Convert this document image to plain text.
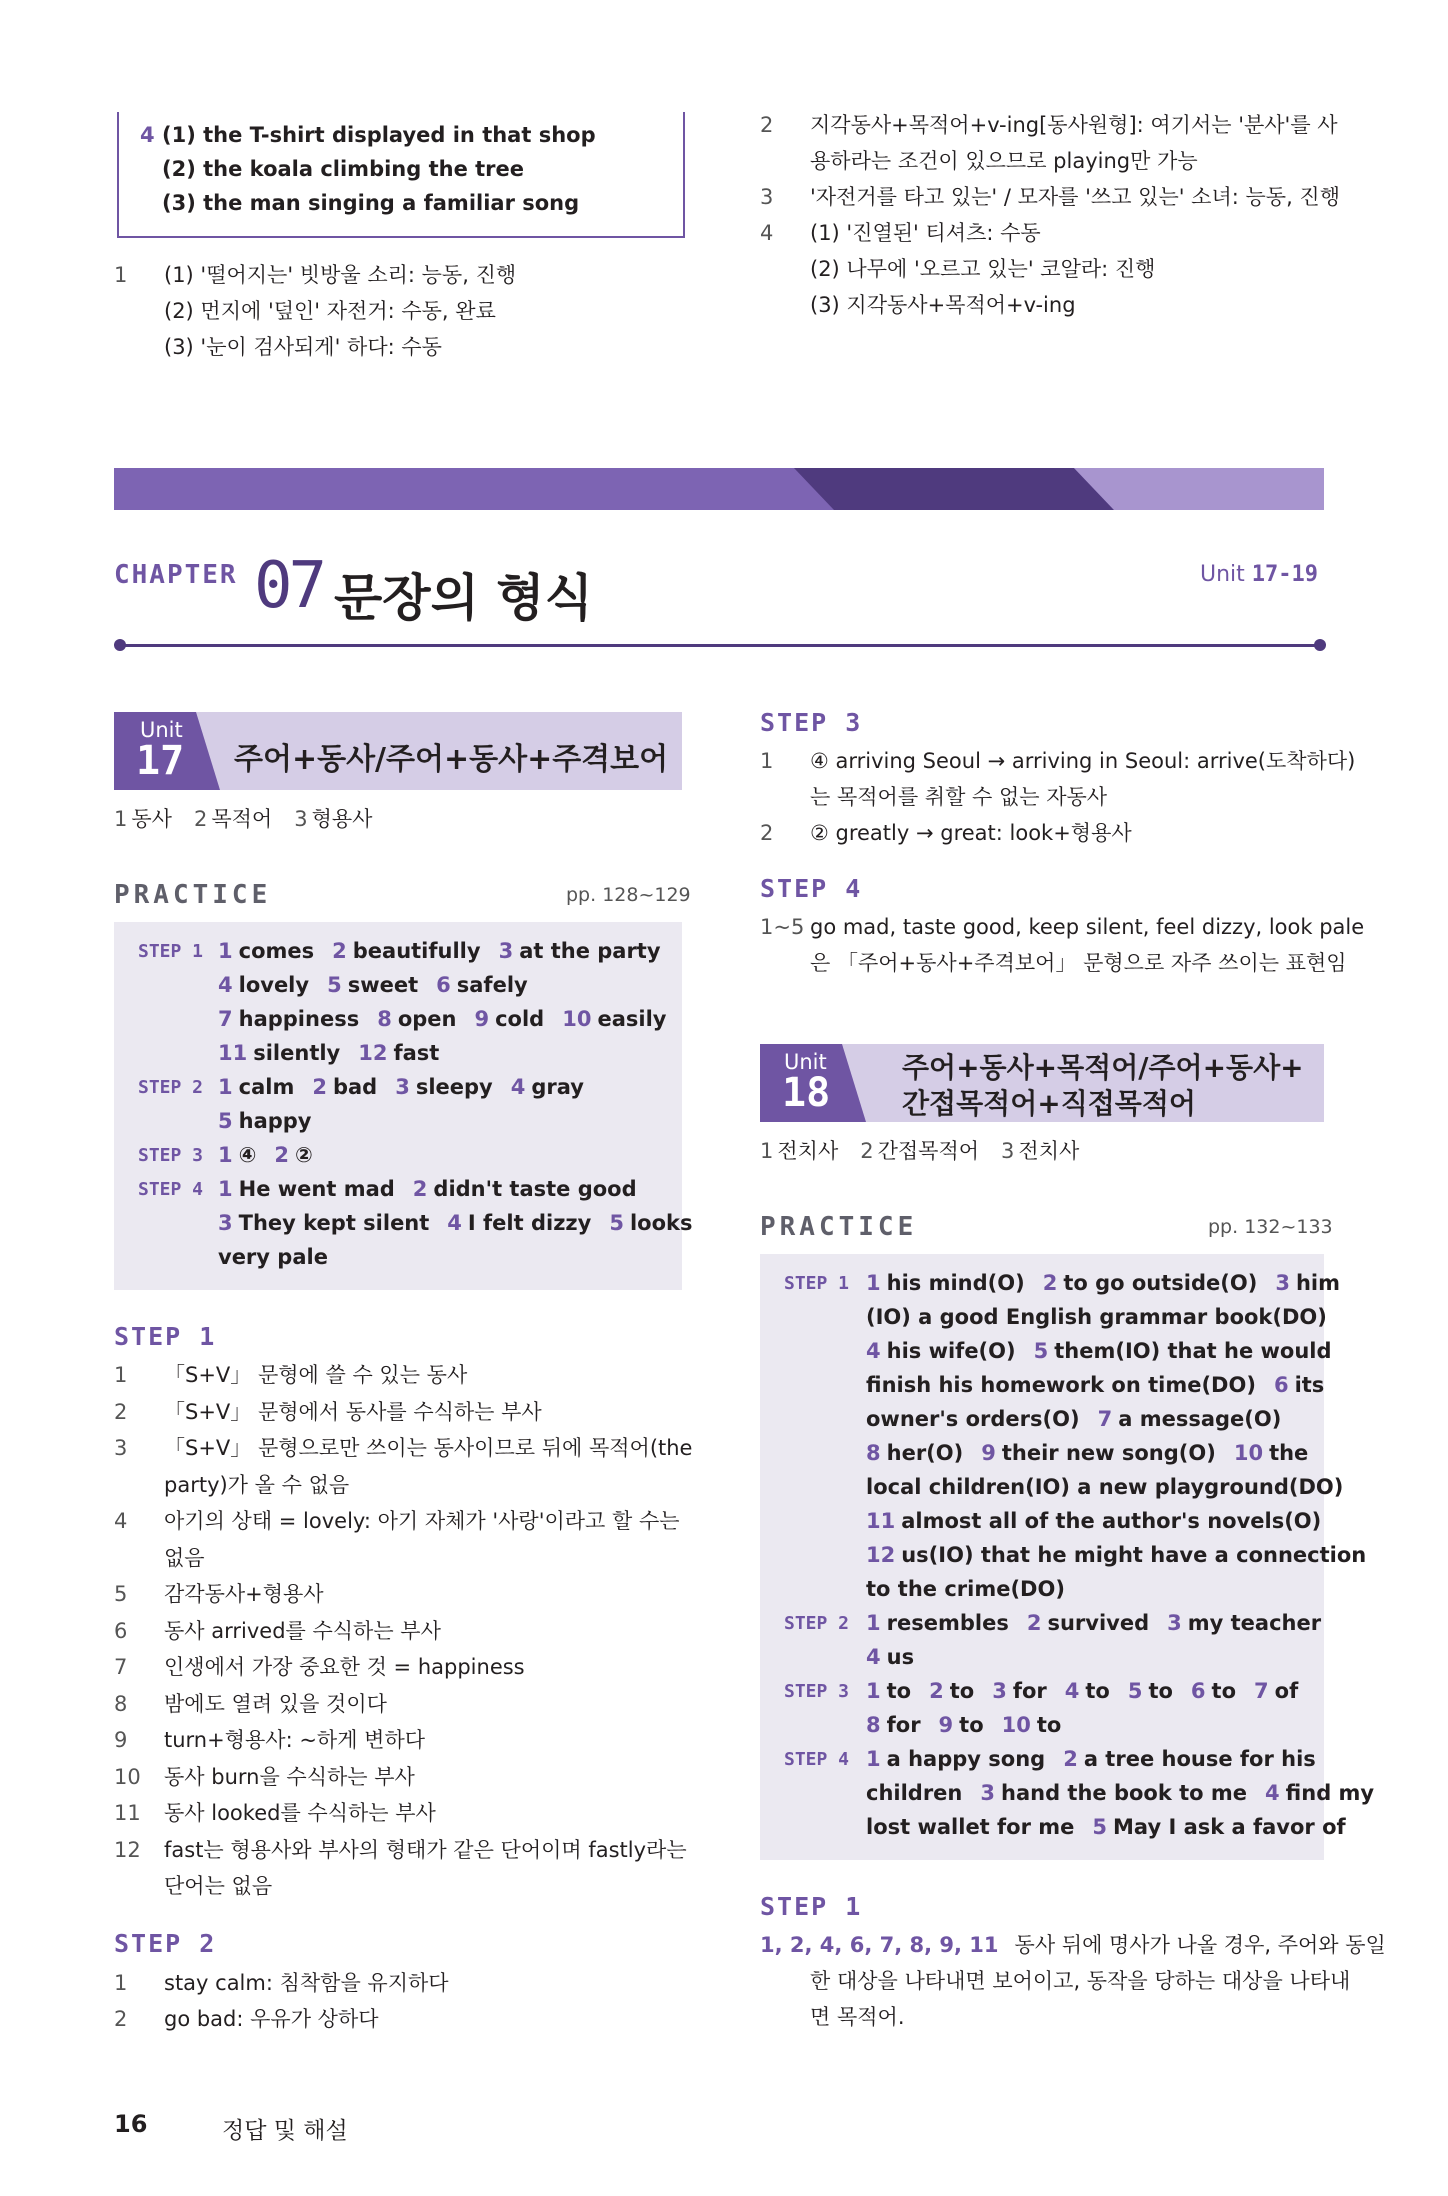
4 (1) the T-shirt displayed in that shop
(2) the koala climbing the tree
(3) the man singing a familiar song
1 (1) '떨어지는' 빗방울 소리: 능동, 진행
(2) 먼지에 '덮인' 자전거: 수동, 완료
(3) '눈이 검사되게' 하다: 수동
2 지각동사+목적어+v-ing[동사원형]: 여기서는 '분사'를 사
용하라는 조건이 있으므로 playing만 가능
3 '자전거를 타고 있는' / 모자를 '쓰고 있는' 소녀: 능동, 진행
4 (1) '진열된' 티셔츠: 수동
(2) 나무에 '오르고 있는' 코알라: 진행
(3) 지각동사+목적어+v-ing
CHAPTER 07 문장의 형식	Unit 17-19
Unit
17 주어+동사/주어+동사+주격보어
1 동사 2 목적어 3 형용사
PRACTICE	pp. 128~129
STEP 1 1 comes 2 beautifully 3 at the party
4 lovely 5 sweet 6 safely
7 happiness 8 open 9 cold 10 easily
11 silently 12 fast
STEP 2 1 calm 2 bad 3 sleepy 4 gray
5 happy
STEP 3 1 ④ 2 ②
STEP 4 1 He went mad 2 didn't taste good
3 They kept silent 4 I felt dizzy 5 looks
very pale
STEP 1
1 「S+V」 문형에 쓸 수 있는 동사
2 「S+V」 문형에서 동사를 수식하는 부사
3 「S+V」 문형으로만 쓰이는 동사이므로 뒤에 목적어(the
party)가 올 수 없음
4 아기의 상태 = lovely: 아기 자체가 '사랑'이라고 할 수는
없음
5 감각동사+형용사
6 동사 arrived를 수식하는 부사
7 인생에서 가장 중요한 것 = happiness
8 밤에도 열려 있을 것이다
9 turn+형용사: ~하게 변하다
10 동사 burn을 수식하는 부사
11 동사 looked를 수식하는 부사
12 fast는 형용사와 부사의 형태가 같은 단어이며 fastly라는
단어는 없음
STEP 2
1 stay calm: 침착함을 유지하다
2 go bad: 우유가 상하다
STEP 3
1 ④ arriving Seoul → arriving in Seoul: arrive(도착하다)
는 목적어를 취할 수 없는 자동사
2 ② greatly → great: look+형용사
STEP 4
1~5 go mad, taste good, keep silent, feel dizzy, look pale
은 「주어+동사+주격보어」 문형으로 자주 쓰이는 표현임
Unit
18
주어+동사+목적어/주어+동사+
간접목적어+직접목적어
1 전치사 2 간접목적어 3 전치사
PRACTICE	pp. 132~133
STEP 1 1 his mind(O) 2 to go outside(O) 3 him
(IO) a good English grammar book(DO)
4 his wife(O) 5 them(IO) that he would
finish his homework on time(DO) 6 its
owner's orders(O) 7 a message(O)
8 her(O) 9 their new song(O) 10 the
local children(IO) a new playground(DO)
11 almost all of the author's novels(O)
12 us(IO) that he might have a connection
to the crime(DO)
STEP 2 1 resembles 2 survived 3 my teacher
4 us
STEP 3 1 to 2 to 3 for 4 to 5 to 6 to 7 of
8 for 9 to 10 to
STEP 4 1 a happy song 2 a tree house for his
children 3 hand the book to me 4 find my
lost wallet for me 5 May I ask a favor of
STEP 1
1, 2, 4, 6, 7, 8, 9, 11 동사 뒤에 명사가 나올 경우, 주어와 동일
한 대상을 나타내면 보어이고, 동작을 당하는 대상을 나타내
면 목적어.
16	정답 및 해설
